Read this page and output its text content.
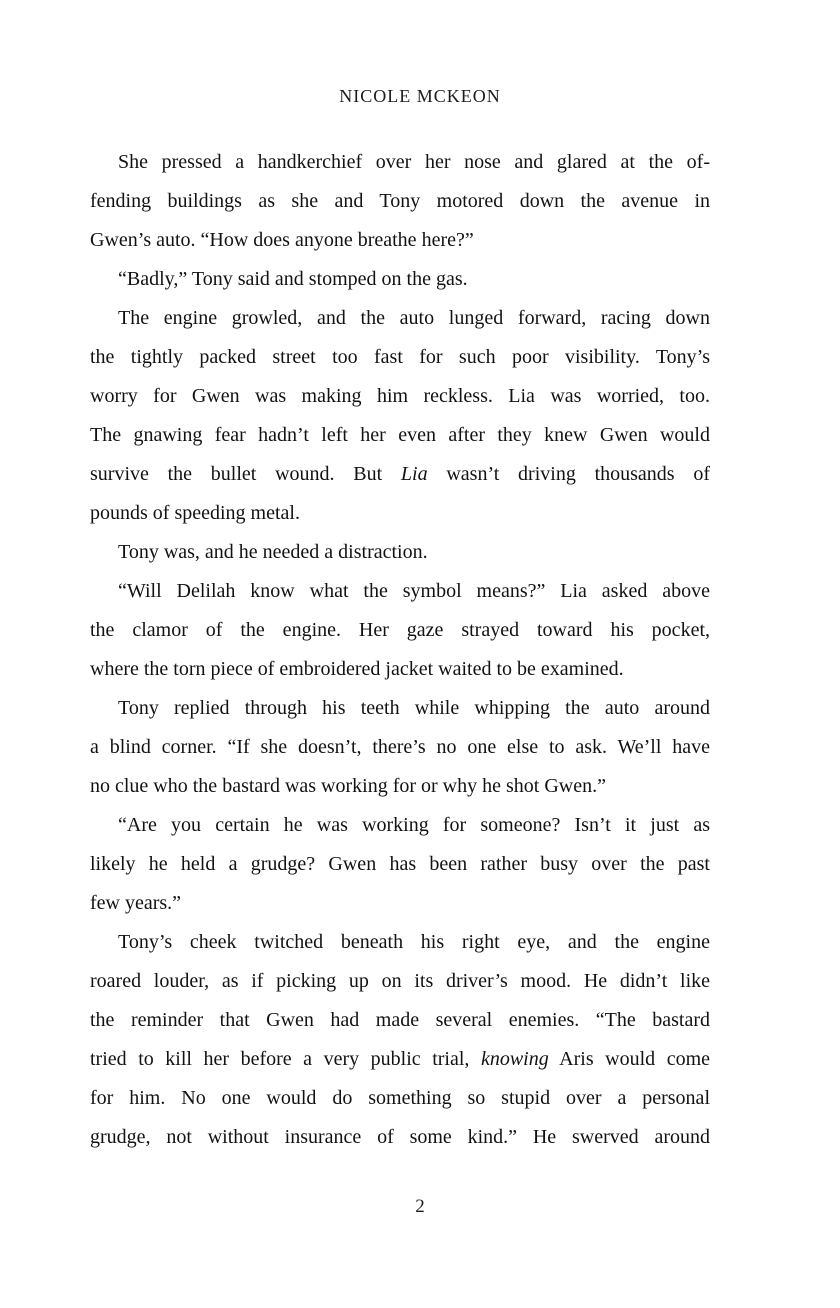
NICOLE MCKEON
She pressed a handkerchief over her nose and glared at the of-
fending buildings as she and Tony motored down the avenue in
Gwen’s auto. “How does anyone breathe here?”
“Badly,” Tony said and stomped on the gas.
The engine growled, and the auto lunged forward, racing down
the tightly packed street too fast for such poor visibility. Tony’s
worry for Gwen was making him reckless. Lia was worried, too.
The gnawing fear hadn’t left her even after they knew Gwen would
survive the bullet wound. But Lia wasn’t driving thousands of
pounds of speeding metal.
Tony was, and he needed a distraction.
“Will Delilah know what the symbol means?” Lia asked above
the clamor of the engine. Her gaze strayed toward his pocket,
where the torn piece of embroidered jacket waited to be examined.
Tony replied through his teeth while whipping the auto around
a blind corner. “If she doesn’t, there’s no one else to ask. We’ll have
no clue who the bastard was working for or why he shot Gwen.”
“Are you certain he was working for someone? Isn’t it just as
likely he held a grudge? Gwen has been rather busy over the past
few years.”
Tony’s cheek twitched beneath his right eye, and the engine
roared louder, as if picking up on its driver’s mood. He didn’t like
the reminder that Gwen had made several enemies. “The bastard
tried to kill her before a very public trial, knowing Aris would come
for him. No one would do something so stupid over a personal
grudge, not without insurance of some kind.” He swerved around
2
